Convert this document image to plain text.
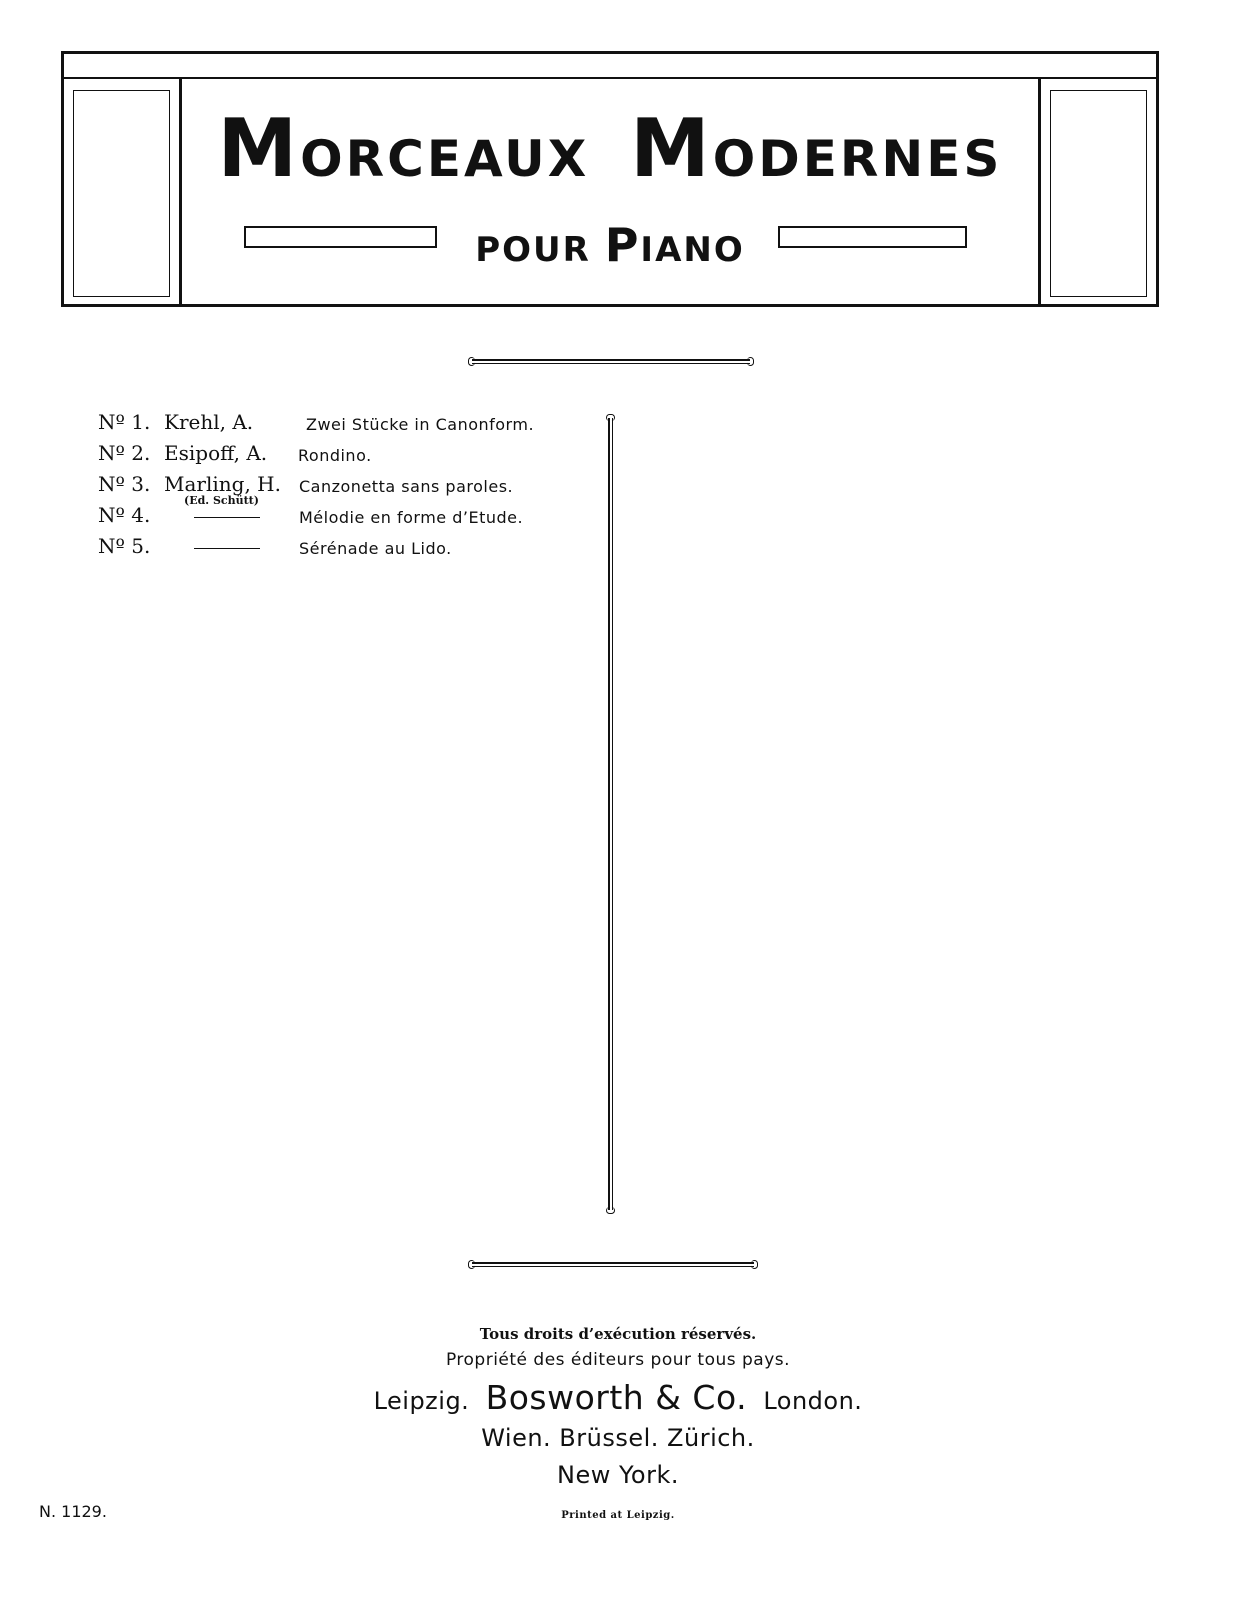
MORCEAUX MODERNES
POUR PIANO
Nº 1. Krehl, A.	Zwei Stücke in Canonform.
Nº 2. Esipoff, A. Rondino.
Nº 3. Marling, H. Canzonetta sans paroles.
Nº 4.
(Ed. Schütt)
Mélodie en forme d’Etude.
Nº 5.	Sérénade au Lido.
Tous droits d’exécution réservés.
Propriété des éditeurs pour tous pays.
Leipzig. Bosworth & Co. London.
Wien. Brüssel. Zürich.
New York.
Printed at Leipzig.
N. 1129.
